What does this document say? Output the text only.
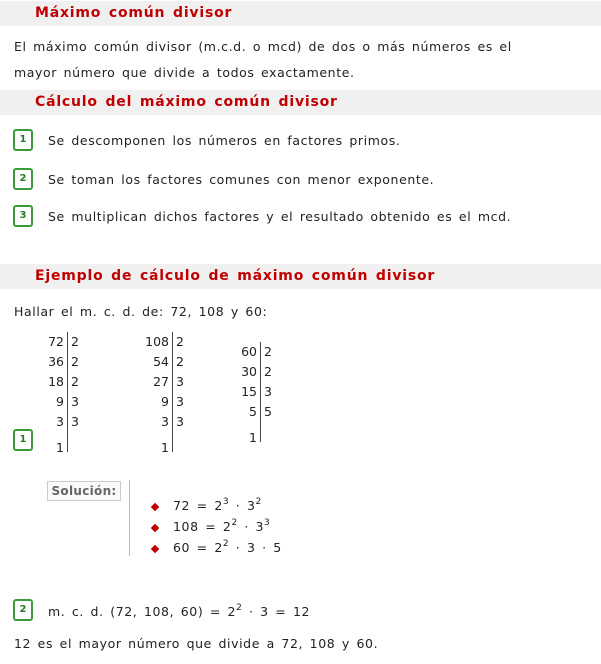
Máximo común divisor
El máximo común divisor (m.c.d. o mcd) de dos o más números es el
mayor número que divide a todos exactamente.
Cálculo del máximo común divisor
1	Se descomponen los números en factores primos.
2	Se toman los factores comunes con menor exponente.
3	Se multiplican dichos factores y el resultado obtenido es el mcd.
Ejemplo de cálculo de máximo común divisor
Hallar el m. c. d. de: 72, 108 y 60:
72 2
36 2
18 2
9 3
3 3
1
108 2
54 2
27 3
9 3
3 3
1
60 2
30 2
15 3
5 5
1
1
Solución:
$72 = 2^3 \cdot 3^2$
$108 = 2^2 \cdot 3^3$
$60 = 2^2 \cdot 3 \cdot 5$
2	m. c. d. (72, 108, $60) = 2^2 \cdot 3 = 12$
12 es el mayor número que divide a 72, 108 y 60.
